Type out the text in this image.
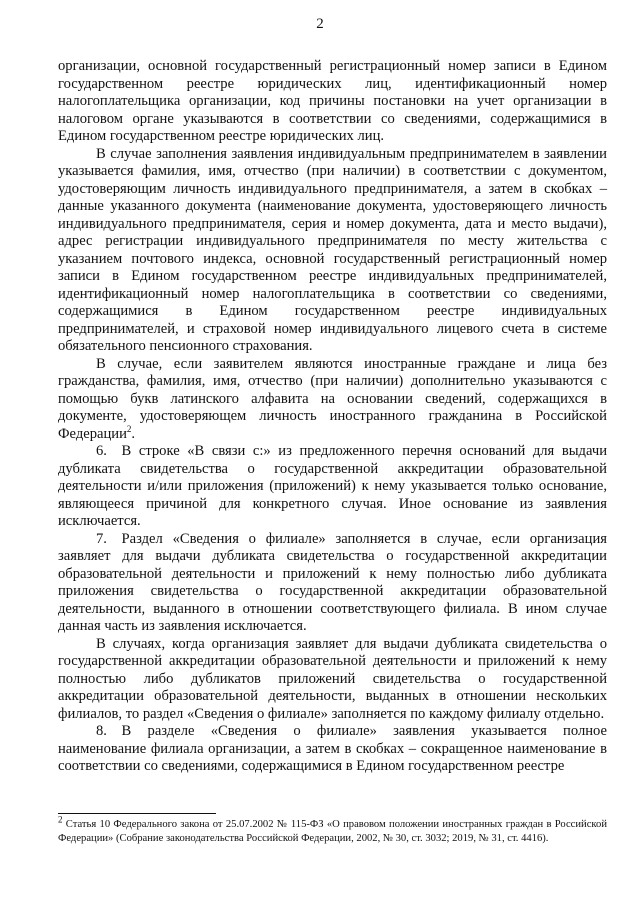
2

организации, основной государственный регистрационный номер записи в Едином государственном реестре юридических лиц, идентификационный номер налогоплательщика организации, код причины постановки на учет организации в налоговом органе указываются в соответствии со сведениями, содержащимися в Едином государственном реестре юридических лиц.

В случае заполнения заявления индивидуальным предпринимателем в заявлении указывается фамилия, имя, отчество (при наличии) в соответствии с документом, удостоверяющим личность индивидуального предпринимателя, а затем в скобках – данные указанного документа (наименование документа, удостоверяющего личность индивидуального предпринимателя, серия и номер документа, дата и место выдачи), адрес регистрации индивидуального предпринимателя по месту жительства с указанием почтового индекса, основной государственный регистрационный номер записи в Едином государственном реестре индивидуальных предпринимателей, идентификационный номер налогоплательщика в соответствии со сведениями, содержащимися в Едином государственном реестре индивидуальных предпринимателей, и страховой номер индивидуального лицевого счета в системе обязательного пенсионного страхования.

В случае, если заявителем являются иностранные граждане и лица без гражданства, фамилия, имя, отчество (при наличии) дополнительно указываются с помощью букв латинского алфавита на основании сведений, содержащихся в документе, удостоверяющем личность иностранного гражданина в Российской Федерации$^2$.

6. В строке «В связи с:» из предложенного перечня оснований для выдачи дубликата свидетельства о государственной аккредитации образовательной деятельности и/или приложения (приложений) к нему указывается только основание, являющееся причиной для конкретного случая. Иное основание из заявления исключается.

7. Раздел «Сведения о филиале» заполняется в случае, если организация заявляет для выдачи дубликата свидетельства о государственной аккредитации образовательной деятельности и приложений к нему полностью либо дубликата приложения свидетельства о государственной аккредитации образовательной деятельности, выданного в отношении соответствующего филиала. В ином случае данная часть из заявления исключается.

В случаях, когда организация заявляет для выдачи дубликата свидетельства о государственной аккредитации образовательной деятельности и приложений к нему полностью либо дубликатов приложений свидетельства о государственной аккредитации образовательной деятельности, выданных в отношении нескольких филиалов, то раздел «Сведения о филиале» заполняется по каждому филиалу отдельно.

8. В разделе «Сведения о филиале» заявления указывается полное наименование филиала организации, а затем в скобках – сокращенное наименование в соответствии со сведениями, содержащимися в Едином государственном реестре

$^2$ Статья 10 Федерального закона от 25.07.2002 № 115-ФЗ «О правовом положении иностранных граждан в Российской Федерации» (Собрание законодательства Российской Федерации, 2002, № 30, ст. 3032; 2019, № 31, ст. 4416).
